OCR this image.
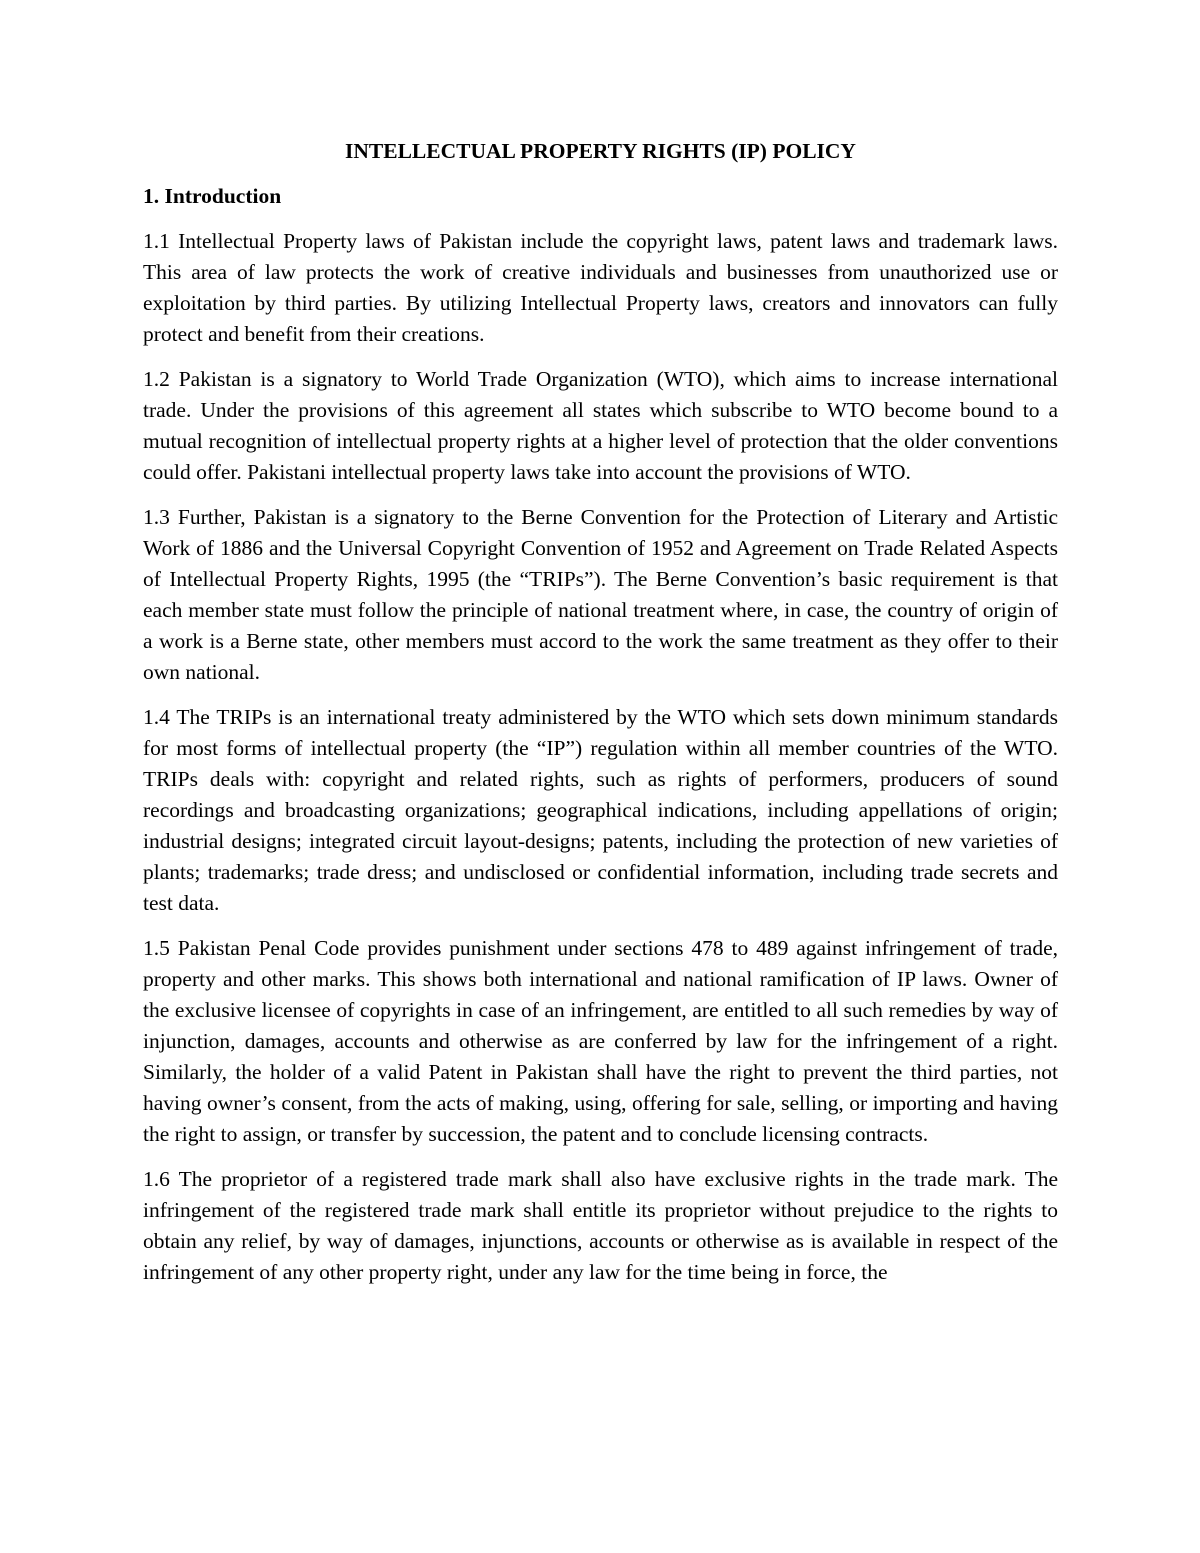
INTELLECTUAL PROPERTY RIGHTS (IP) POLICY
1. Introduction

1.1 Intellectual Property laws of Pakistan include the copyright laws, patent laws and trademark laws. This area of law protects the work of creative individuals and businesses from unauthorized use or exploitation by third parties. By utilizing Intellectual Property laws, creators and innovators can fully protect and benefit from their creations.

1.2 Pakistan is a signatory to World Trade Organization (WTO), which aims to increase international trade. Under the provisions of this agreement all states which subscribe to WTO become bound to a mutual recognition of intellectual property rights at a higher level of protection that the older conventions could offer. Pakistani intellectual property laws take into account the provisions of WTO.

1.3 Further, Pakistan is a signatory to the Berne Convention for the Protection of Literary and Artistic Work of 1886 and the Universal Copyright Convention of 1952 and Agreement on Trade Related Aspects of Intellectual Property Rights, 1995 (the “TRIPs”). The Berne Convention’s basic requirement is that each member state must follow the principle of national treatment where, in case, the country of origin of a work is a Berne state, other members must accord to the work the same treatment as they offer to their own national.

1.4 The TRIPs is an international treaty administered by the WTO which sets down minimum standards for most forms of intellectual property (the “IP”) regulation within all member countries of the WTO. TRIPs deals with: copyright and related rights, such as rights of performers, producers of sound recordings and broadcasting organizations; geographical indications, including appellations of origin; industrial designs; integrated circuit layout-designs; patents, including the protection of new varieties of plants; trademarks; trade dress; and undisclosed or confidential information, including trade secrets and test data.

1.5 Pakistan Penal Code provides punishment under sections 478 to 489 against infringement of trade, property and other marks. This shows both international and national ramification of IP laws. Owner of the exclusive licensee of copyrights in case of an infringement, are entitled to all such remedies by way of injunction, damages, accounts and otherwise as are conferred by law for the infringement of a right. Similarly, the holder of a valid Patent in Pakistan shall have the right to prevent the third parties, not having owner’s consent, from the acts of making, using, offering for sale, selling, or importing and having the right to assign, or transfer by succession, the patent and to conclude licensing contracts.

1.6 The proprietor of a registered trade mark shall also have exclusive rights in the trade mark. The infringement of the registered trade mark shall entitle its proprietor without prejudice to the rights to obtain any relief, by way of damages, injunctions, accounts or otherwise as is available in respect of the infringement of any other property right, under any law for the time being in force, the
